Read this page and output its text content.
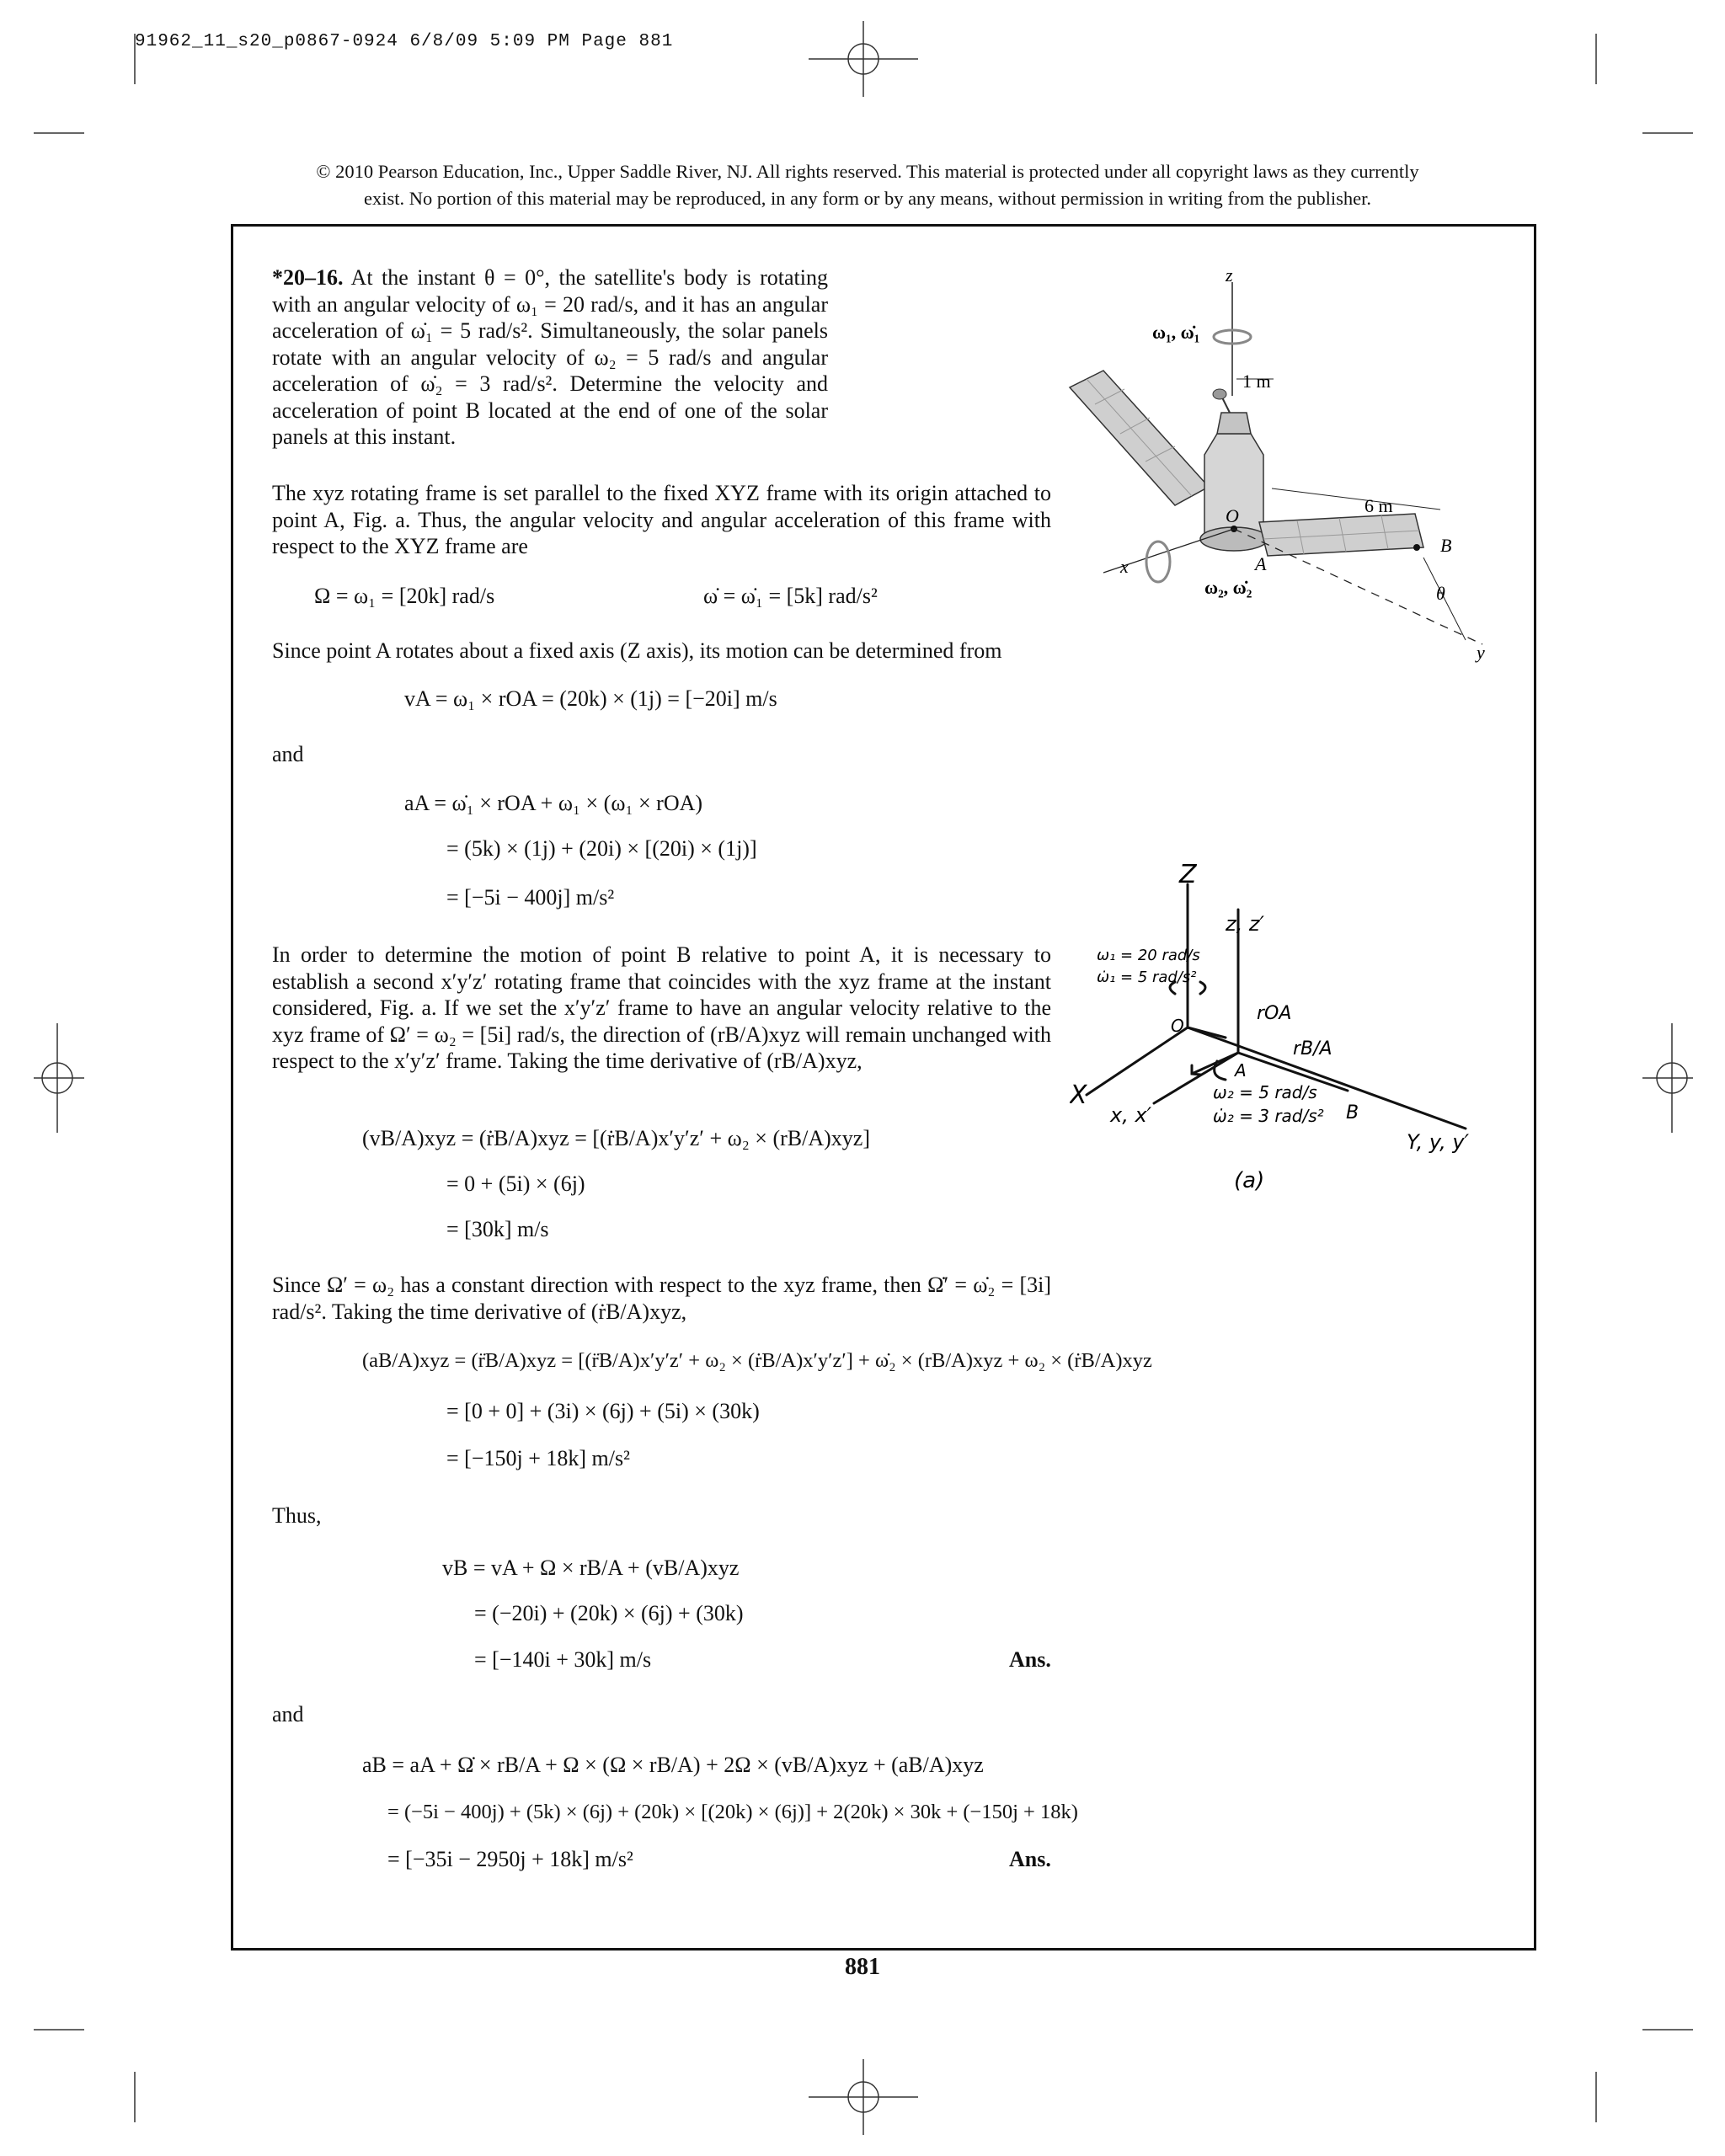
91962_11_s20_p0867-0924 6/8/09 5:09 PM Page 881
© 2010 Pearson Education, Inc., Upper Saddle River, NJ. All rights reserved. This material is protected under all copyright laws as they currently
exist. No portion of this material may be reproduced, in any form or by any means, without permission in writing from the publisher.
*20–16. At the instant θ = 0°, the satellite's body is rotating with an angular velocity of ω₁ = 20 rad/s, and it has an angular acceleration of ω̇₁ = 5 rad/s². Simultaneously, the solar panels rotate with an angular velocity of ω₂ = 5 rad/s and angular acceleration of ω̇₂ = 3 rad/s². Determine the velocity and acceleration of point B located at the end of one of the solar panels at this instant.
z
ω₁, ω̇₁
1 m
6 m
x
y
O
A
B
θ
ω₂, ω̇₂
The xyz rotating frame is set parallel to the fixed XYZ frame with its origin attached to point A, Fig. a. Thus, the angular velocity and angular acceleration of this frame with respect to the XYZ frame are
Ω = ω₁ = [20k] rad/s	ω̇ = ω̇₁ = [5k] rad/s²
Since point A rotates about a fixed axis (Z axis), its motion can be determined from
vA = ω₁ × rOA = (20k) × (1j) = [−20i] m/s
and
aA = ω̇₁ × rOA + ω₁ × (ω₁ × rOA)
= (5k) × (1j) + (20i) × [(20i) × (1j)]
= [−5i − 400j] m/s²
In order to determine the motion of point B relative to point A, it is necessary to establish a second x′y′z′ rotating frame that coincides with the xyz frame at the instant considered, Fig. a. If we set the x′y′z′ frame to have an angular velocity relative to the xyz frame of Ω′ = ω₂ = [5i] rad/s, the direction of (rB/A)xyz will remain unchanged with respect to the x′y′z′ frame. Taking the time derivative of (rB/A)xyz,
(vB/A)xyz = (ṙB/A)xyz = [(ṙB/A)x′y′z′ + ω₂ × (rB/A)xyz]
= 0 + (5i) × (6j)
= [30k] m/s
Since Ω′ = ω₂ has a constant direction with respect to the xyz frame, then Ω̇′ = ω̇₂ = [3i] rad/s². Taking the time derivative of (ṙB/A)xyz,
(aB/A)xyz = (r̈B/A)xyz = [(r̈B/A)x′y′z′ + ω₂ × (ṙB/A)x′y′z′] + ω̇₂ × (rB/A)xyz + ω₂ × (ṙB/A)xyz
= [0 + 0] + (3i) × (6j) + (5i) × (30k)
= [−150j + 18k] m/s²
Thus,
vB = vA + Ω × rB/A + (vB/A)xyz
= (−20i) + (20k) × (6j) + (30k)
= [−140i + 30k] m/s	Ans.
and
aB = aA + Ω̇ × rB/A + Ω × (Ω × rB/A) + 2Ω × (vB/A)xyz + (aB/A)xyz
= (−5i − 400j) + (5k) × (6j) + (20k) × [(20k) × (6j)] + 2(20k) × 30k + (−150j + 18k)
= [−35i − 2950j + 18k] m/s²	Ans.
Z
z, z′
ω₁ = 20 rad/s
ω̇₁ = 5 rad/s²
rOA
rB/A
O
A
X
x, x′
ω₂ = 5 rad/s
ω̇₂ = 3 rad/s² B
Y, y, y′
(a)
881
